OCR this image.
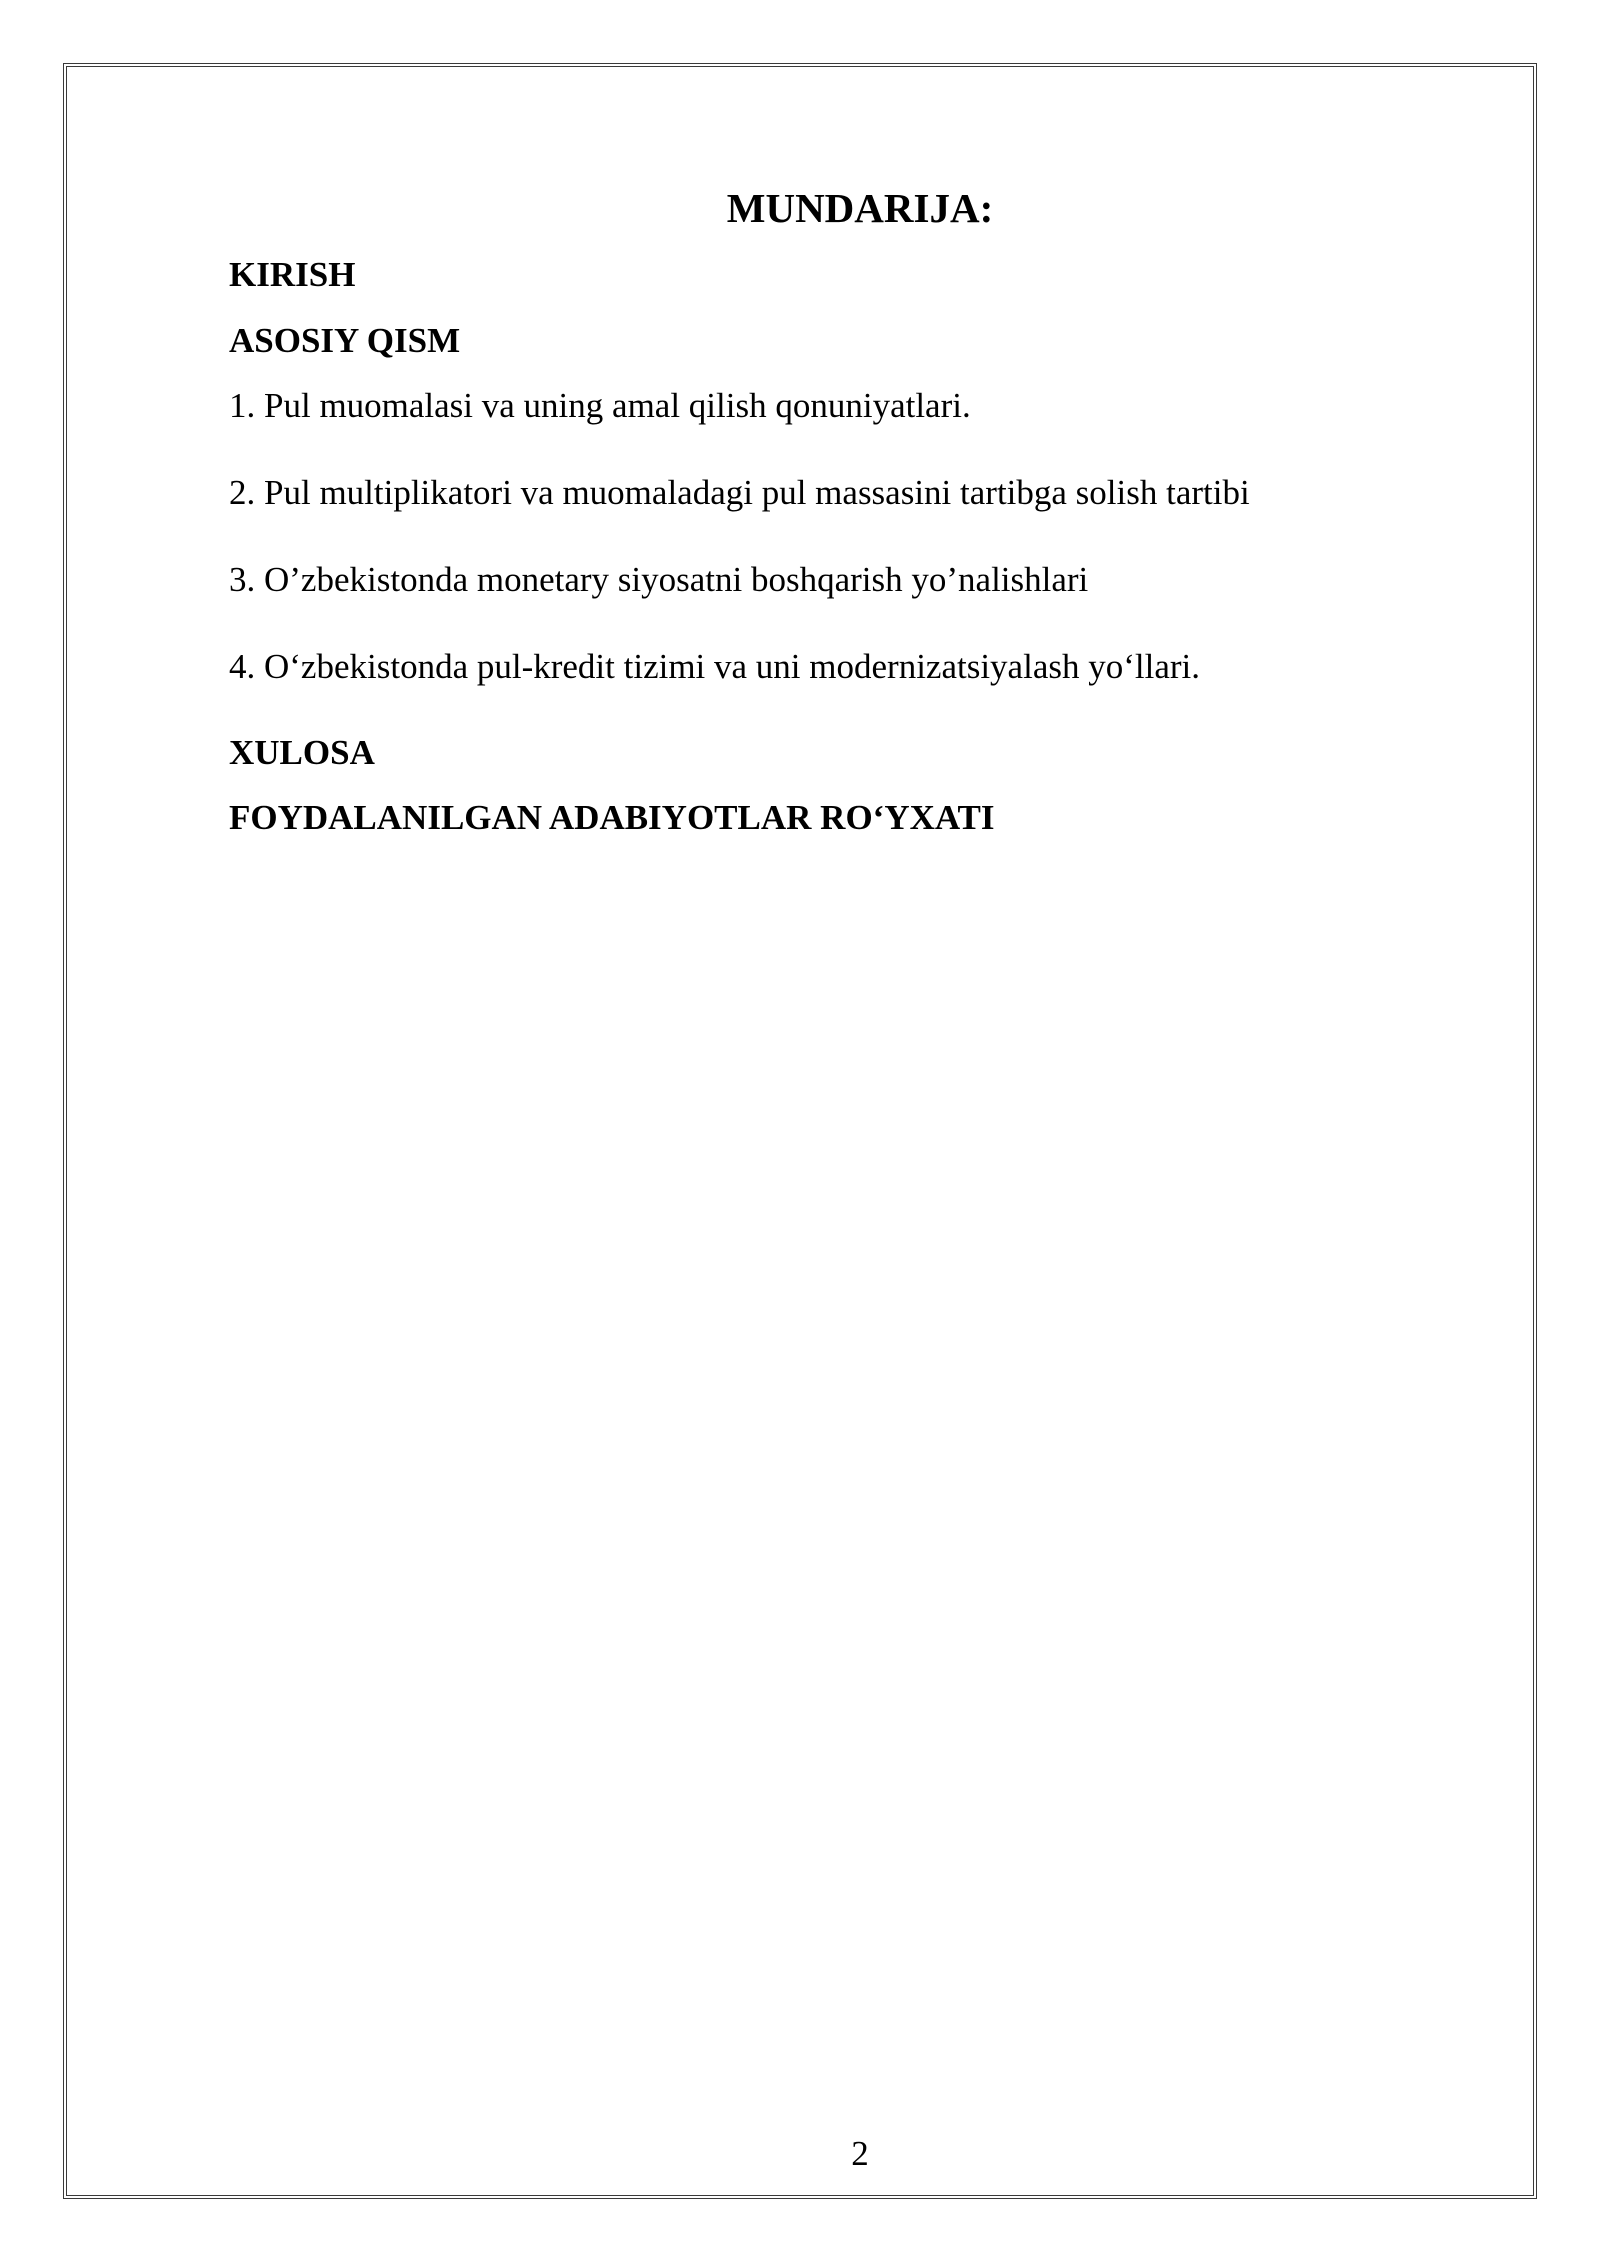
MUNDARIJA:
KIRISH
ASOSIY QISM
1. Pul muomalasi va uning amal qilish qonuniyatlari.
2. Pul multiplikatori va muomaladagi pul massasini tartibga solish tartibi
3. O’zbekistonda monetary siyosatni boshqarish yo’nalishlari
4. O‘zbekistonda pul-kredit tizimi va uni modernizatsiyalash yo‘llari.
XULOSA
FOYDALANILGAN ADABIYOTLAR RO‘YXATI
2
